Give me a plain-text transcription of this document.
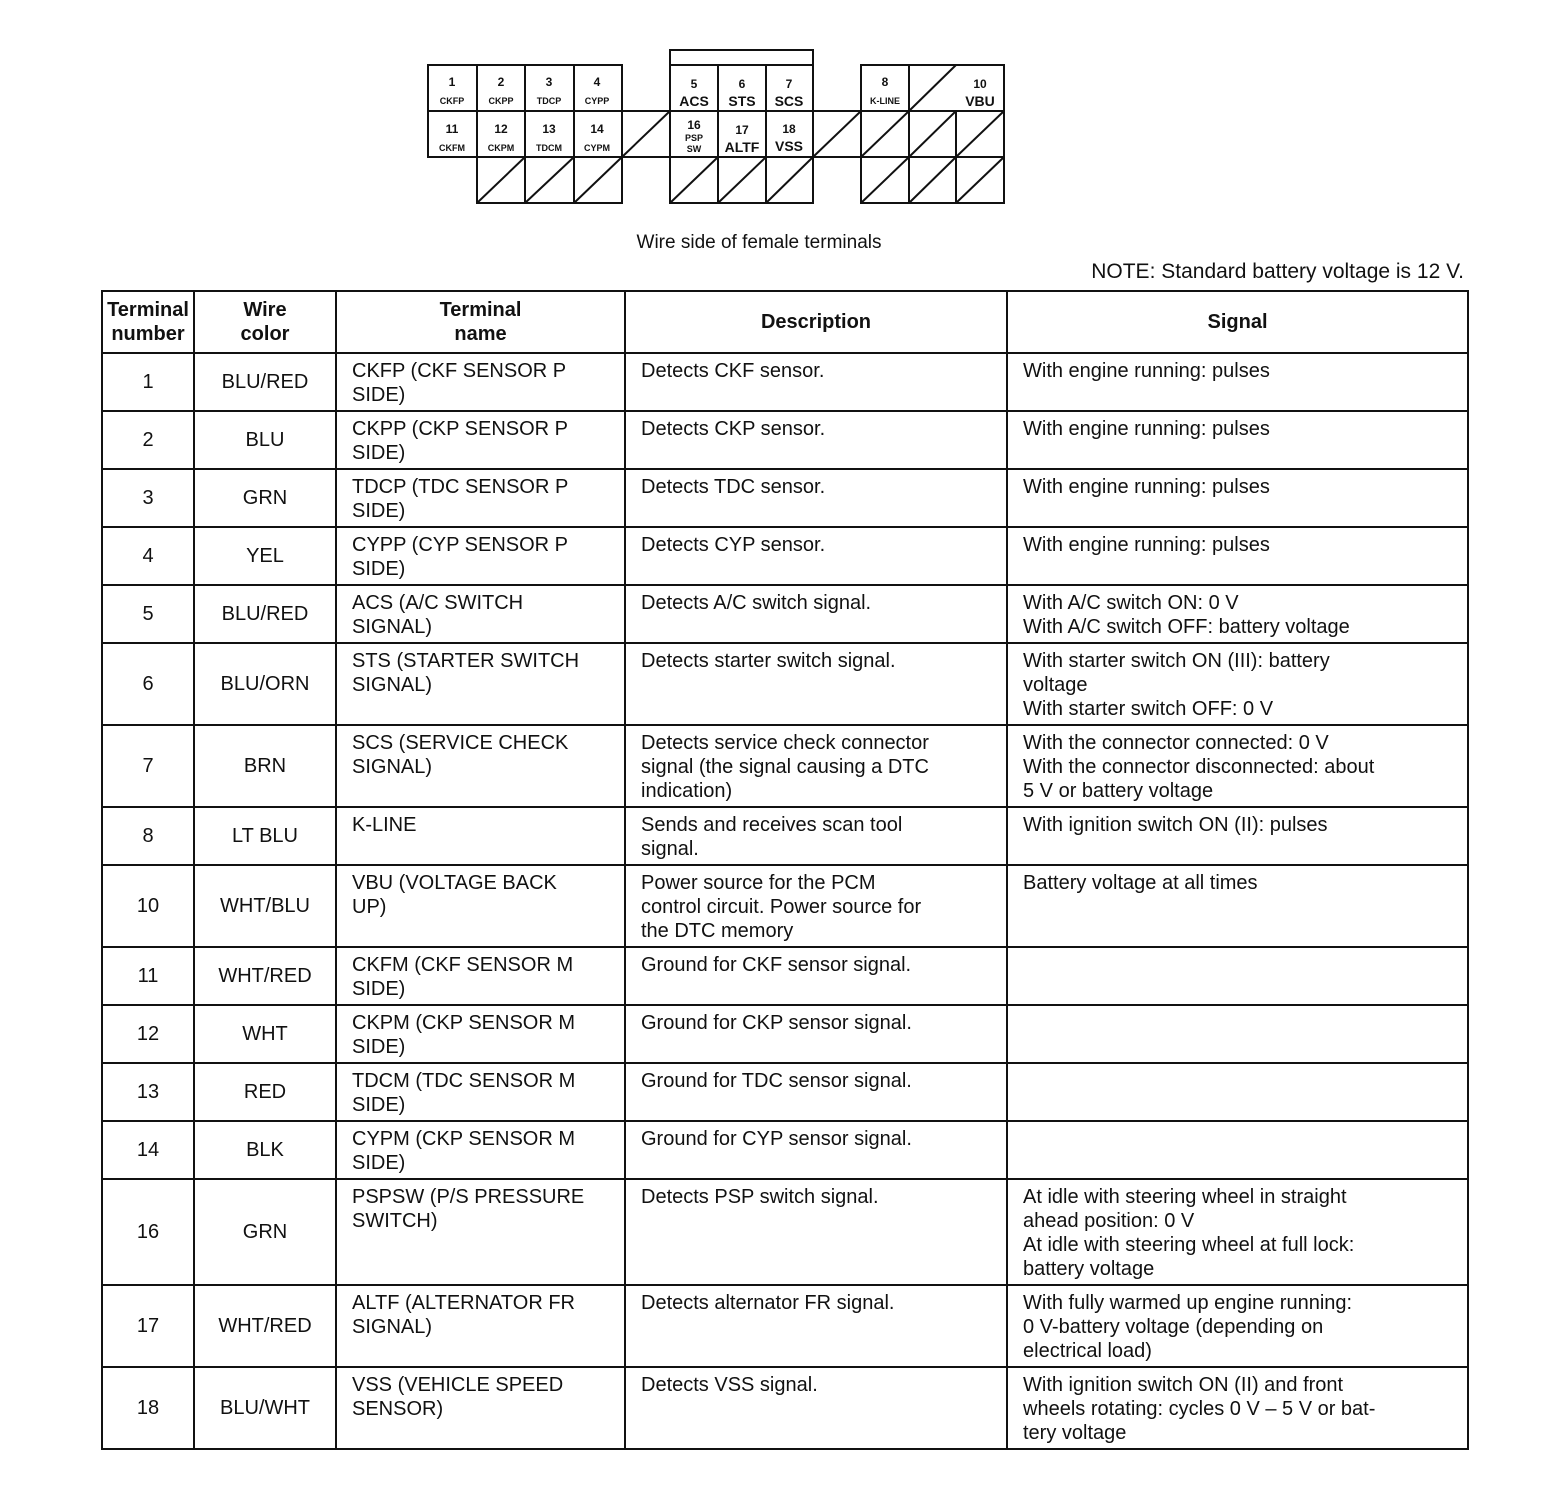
1
CKFP
2
CKPP
3
TDCP
4
CYPP
5
ACS
6
STS
7
SCS
8
K-LINE
10
VBU
11
CKFM
12
CKPM
13
TDCM
14
CYPM
16
PSP
SW
17
ALTF
18
VSS
Wire side of female terminals
NOTE: Standard battery voltage is 12 V.
Terminal
number	Wire
color	Terminal
name	Description	Signal
1	BLU/RED	CKFP (CKF SENSOR P
SIDE)	Detects CKF sensor.	With engine running: pulses
2	BLU	CKPP (CKP SENSOR P
SIDE)	Detects CKP sensor.	With engine running: pulses
3	GRN	TDCP (TDC SENSOR P
SIDE)	Detects TDC sensor.	With engine running: pulses
4	YEL	CYPP (CYP SENSOR P
SIDE)	Detects CYP sensor.	With engine running: pulses
5	BLU/RED	ACS (A/C SWITCH
SIGNAL)	Detects A/C switch signal.	With A/C switch ON: 0 V
With A/C switch OFF: battery voltage
6	BLU/ORN	STS (STARTER SWITCH
SIGNAL)	Detects starter switch signal.	With starter switch ON (III): battery
voltage
With starter switch OFF: 0 V
7	BRN	SCS (SERVICE CHECK
SIGNAL)	Detects service check connector
signal (the signal causing a DTC
indication)	With the connector connected: 0 V
With the connector disconnected: about
5 V or battery voltage
8	LT BLU	K-LINE	Sends and receives scan tool
signal.	With ignition switch ON (II): pulses
10	WHT/BLU	VBU (VOLTAGE BACK
UP)	Power source for the PCM
control circuit. Power source for
the DTC memory	Battery voltage at all times
11	WHT/RED	CKFM (CKF SENSOR M
SIDE)	Ground for CKF sensor signal.	
12	WHT	CKPM (CKP SENSOR M
SIDE)	Ground for CKP sensor signal.	
13	RED	TDCM (TDC SENSOR M
SIDE)	Ground for TDC sensor signal.	
14	BLK	CYPM (CKP SENSOR M
SIDE)	Ground for CYP sensor signal.	
16	GRN	PSPSW (P/S PRESSURE
SWITCH)	Detects PSP switch signal.	At idle with steering wheel in straight
ahead position: 0 V
At idle with steering wheel at full lock:
battery voltage
17	WHT/RED	ALTF (ALTERNATOR FR
SIGNAL)	Detects alternator FR signal.	With fully warmed up engine running:
0 V-battery voltage (depending on
electrical load)
18	BLU/WHT	VSS (VEHICLE SPEED
SENSOR)	Detects VSS signal.	With ignition switch ON (II) and front
wheels rotating: cycles 0 V – 5 V or bat-
tery voltage
